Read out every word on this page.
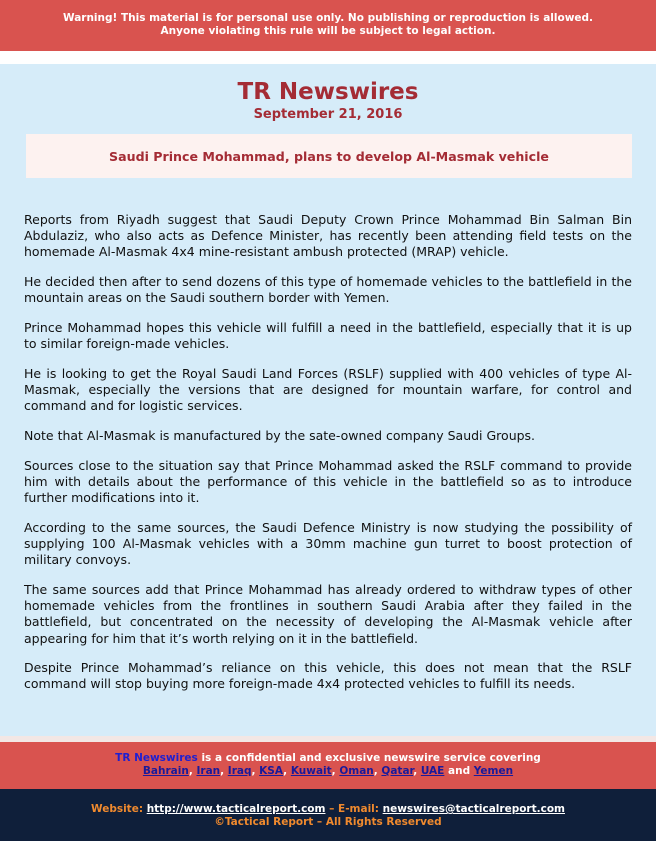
Warning! This material is for personal use only. No publishing or reproduction is allowed.
Anyone violating this rule will be subject to legal action.
TR Newswires
September 21, 2016
Saudi Prince Mohammad, plans to develop Al-Masmak vehicle

Reports from Riyadh suggest that Saudi Deputy Crown Prince Mohammad Bin Salman Bin Abdulaziz, who also acts as Defence Minister, has recently been attending field tests on the homemade Al-Masmak 4x4 mine-resistant ambush protected (MRAP) vehicle.

He decided then after to send dozens of this type of homemade vehicles to the battlefield in the mountain areas on the Saudi southern border with Yemen.

Prince Mohammad hopes this vehicle will fulfill a need in the battlefield, especially that it is up to similar foreign-made vehicles.

He is looking to get the Royal Saudi Land Forces (RSLF) supplied with 400 vehicles of type Al-Masmak, especially the versions that are designed for mountain warfare, for control and command and for logistic services.

Note that Al-Masmak is manufactured by the sate-owned company Saudi Groups.

Sources close to the situation say that Prince Mohammad asked the RSLF command to provide him with details about the performance of this vehicle in the battlefield so as to introduce further modifications into it.

According to the same sources, the Saudi Defence Ministry is now studying the possibility of supplying 100 Al-Masmak vehicles with a 30mm machine gun turret to boost protection of military convoys.

The same sources add that Prince Mohammad has already ordered to withdraw types of other homemade vehicles from the frontlines in southern Saudi Arabia after they failed in the battlefield, but concentrated on the necessity of developing the Al-Masmak vehicle after appearing for him that it’s worth relying on it in the battlefield.

Despite Prince Mohammad’s reliance on this vehicle, this does not mean that the RSLF command will stop buying more foreign-made 4x4 protected vehicles to fulfill its needs.

TR Newswires is a confidential and exclusive newswire service covering
Bahrain, Iran, Iraq, KSA, Kuwait, Oman, Qatar, UAE and Yemen
Website: http://www.tacticalreport.com – E-mail: newswires@tacticalreport.com
©Tactical Report – All Rights Reserved
